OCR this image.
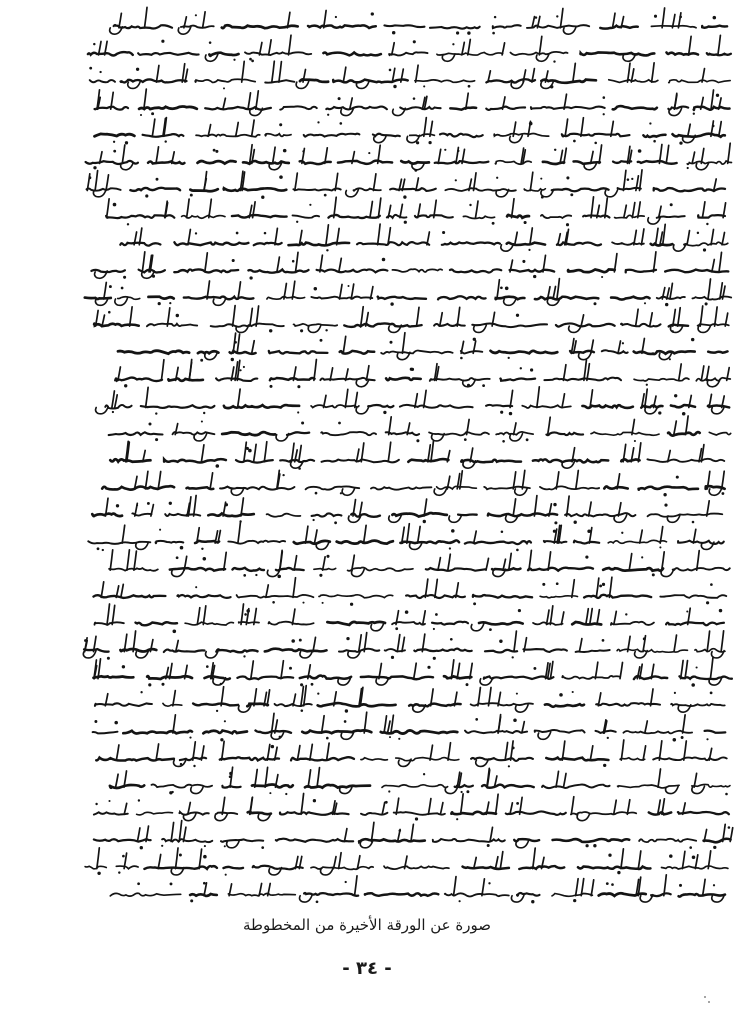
صورة عن الورقة الأخيرة من المخطوطة
- ٣٤ -
